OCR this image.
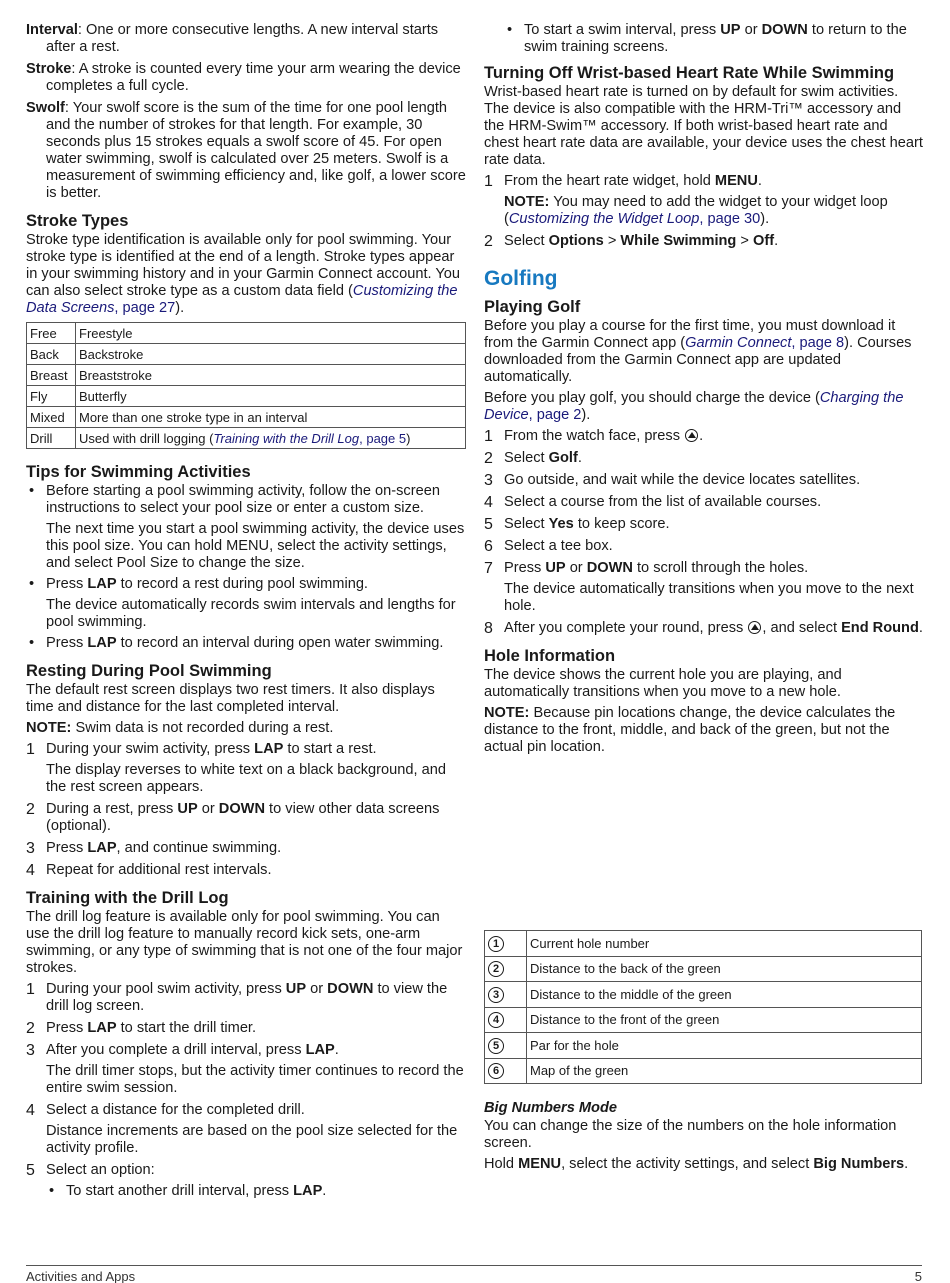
Interval: One or more consecutive lengths. A new interval starts after a rest.

Stroke: A stroke is counted every time your arm wearing the device completes a full cycle.

Swolf: Your swolf score is the sum of the time for one pool length and the number of strokes for that length. For example, 30 seconds plus 15 strokes equals a swolf score of 45. For open water swimming, swolf is calculated over 25 meters. Swolf is a measurement of swimming efficiency and, like golf, a lower score is better.

Stroke Types

Stroke type identification is available only for pool swimming. Your stroke type is identified at the end of a length. Stroke types appear in your swimming history and in your Garmin Connect account. You can also select stroke type as a custom data field (Customizing the Data Screens, page 27).

Free	Freestyle
Back	Backstroke
Breast	Breaststroke
Fly	Butterfly
Mixed	More than one stroke type in an interval
Drill	Used with drill logging (Training with the Drill Log, page 5)
Tips for Swimming Activities
• Before starting a pool swimming activity, follow the on-screen instructions to select your pool size or enter a custom size.
The next time you start a pool swimming activity, the device uses this pool size. You can hold MENU, select the activity settings, and select Pool Size to change the size.
• Press LAP to record a rest during pool swimming.
The device automatically records swim intervals and lengths for pool swimming.
• Press LAP to record an interval during open water swimming.
Resting During Pool Swimming

The default rest screen displays two rest timers. It also displays time and distance for the last completed interval.

NOTE: Swim data is not recorded during a rest.

1 During your swim activity, press LAP to start a rest.
The display reverses to white text on a black background, and the rest screen appears.
2 During a rest, press UP or DOWN to view other data screens (optional).
3 Press LAP, and continue swimming.
4 Repeat for additional rest intervals.
Training with the Drill Log

The drill log feature is available only for pool swimming. You can use the drill log feature to manually record kick sets, one-arm swimming, or any type of swimming that is not one of the four major strokes.

1 During your pool swim activity, press UP or DOWN to view the drill log screen.
2 Press LAP to start the drill timer.
3 After you complete a drill interval, press LAP.
The drill timer stops, but the activity timer continues to record the entire swim session.
4 Select a distance for the completed drill.
Distance increments are based on the pool size selected for the activity profile.
5 Select an option:
• To start another drill interval, press LAP.
• To start a swim interval, press UP or DOWN to return to the swim training screens.
Turning Off Wrist-based Heart Rate While Swimming

Wrist-based heart rate is turned on by default for swim activities. The device is also compatible with the HRM-Tri™ accessory and the HRM-Swim™ accessory. If both wrist-based heart rate and chest heart rate data are available, your device uses the chest heart rate data.

1 From the heart rate widget, hold MENU.
NOTE: You may need to add the widget to your widget loop (Customizing the Widget Loop, page 30).
2 Select Options > While Swimming > Off.
Golfing
Playing Golf

Before you play a course for the first time, you must download it from the Garmin Connect app (Garmin Connect, page 8). Courses downloaded from the Garmin Connect app are updated automatically.

Before you play golf, you should charge the device (Charging the Device, page 2).

1 From the watch face, press .
2 Select Golf.
3 Go outside, and wait while the device locates satellites.
4 Select a course from the list of available courses.
5 Select Yes to keep score.
6 Select a tee box.
7 Press UP or DOWN to scroll through the holes.
The device automatically transitions when you move to the next hole.
8 After you complete your round, press , and select End Round.
Hole Information

The device shows the current hole you are playing, and automatically transitions when you move to a new hole.

NOTE: Because pin locations change, the device calculates the distance to the front, middle, and back of the green, but not the actual pin location.

1	Current hole number
2	Distance to the back of the green
3	Distance to the middle of the green
4	Distance to the front of the green
5	Par for the hole
6	Map of the green
Big Numbers Mode

You can change the size of the numbers on the hole information screen.

Hold MENU, select the activity settings, and select Big Numbers.

Activities and Apps	5
